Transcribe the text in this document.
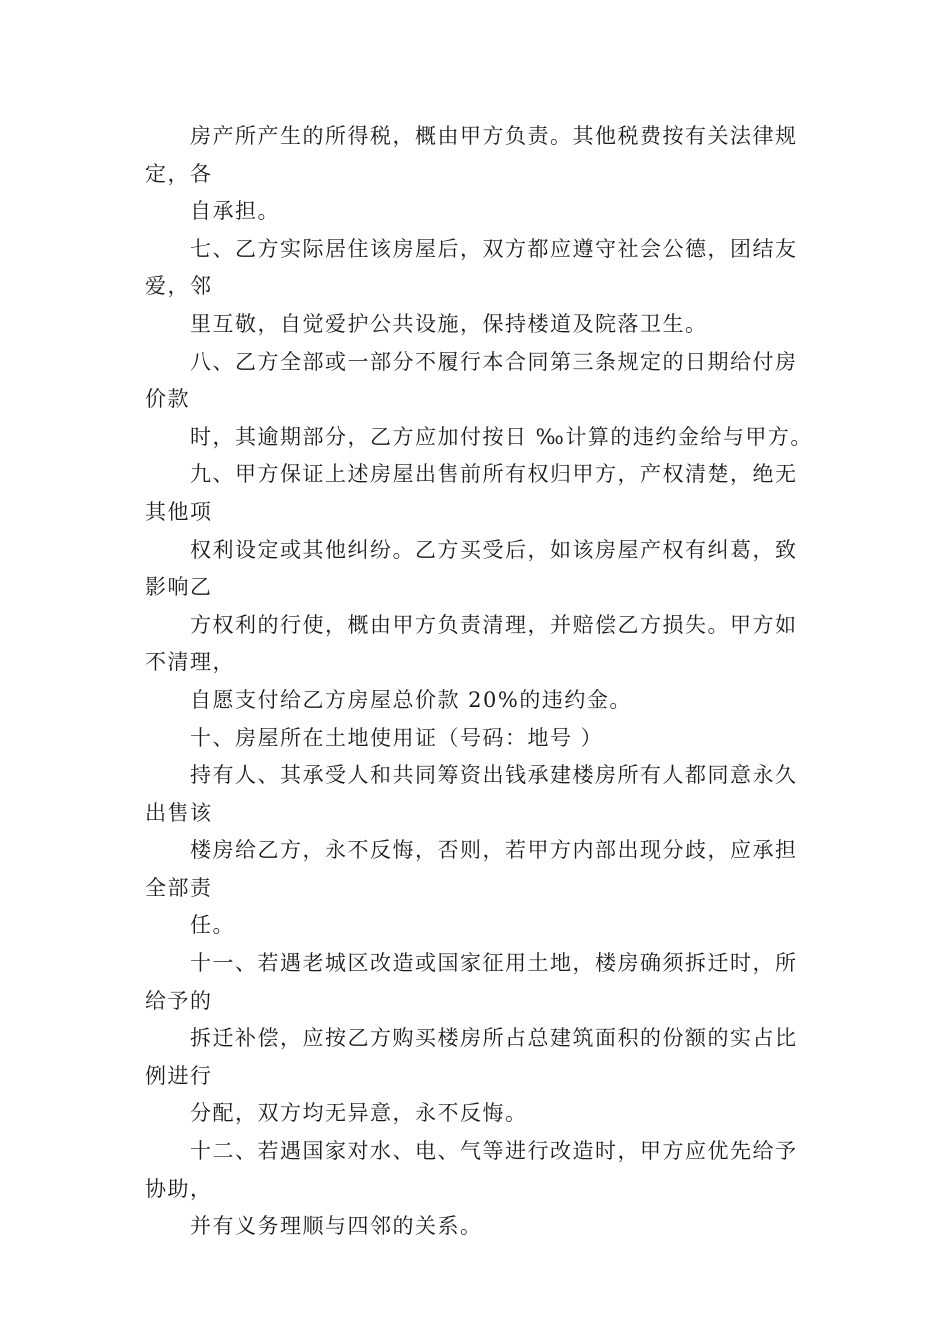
房产所产生的所得税，概由甲方负责。其他税费按有关法律规
定，各
自承担。
七、乙方实际居住该房屋后，双方都应遵守社会公德，团结友
爱，邻
里互敬，自觉爱护公共设施，保持楼道及院落卫生。
八、乙方全部或一部分不履行本合同第三条规定的日期给付房
价款
时，其逾期部分，乙方应加付按日 ‰计算的违约金给与甲方。
九、甲方保证上述房屋出售前所有权归甲方，产权清楚，绝无
其他项
权利设定或其他纠纷。乙方买受后，如该房屋产权有纠葛，致
影响乙
方权利的行使，概由甲方负责清理，并赔偿乙方损失。甲方如
不清理，
自愿支付给乙方房屋总价款 20%的违约金。
十、房屋所在土地使用证（号码：地号 ）
持有人、其承受人和共同筹资出钱承建楼房所有人都同意永久
出售该
楼房给乙方，永不反悔，否则，若甲方内部出现分歧，应承担
全部责
任。
十一、若遇老城区改造或国家征用土地，楼房确须拆迁时，所
给予的
拆迁补偿，应按乙方购买楼房所占总建筑面积的份额的实占比
例进行
分配，双方均无异意，永不反悔。
十二、若遇国家对水、电、气等进行改造时，甲方应优先给予
协助，
并有义务理顺与四邻的关系。
